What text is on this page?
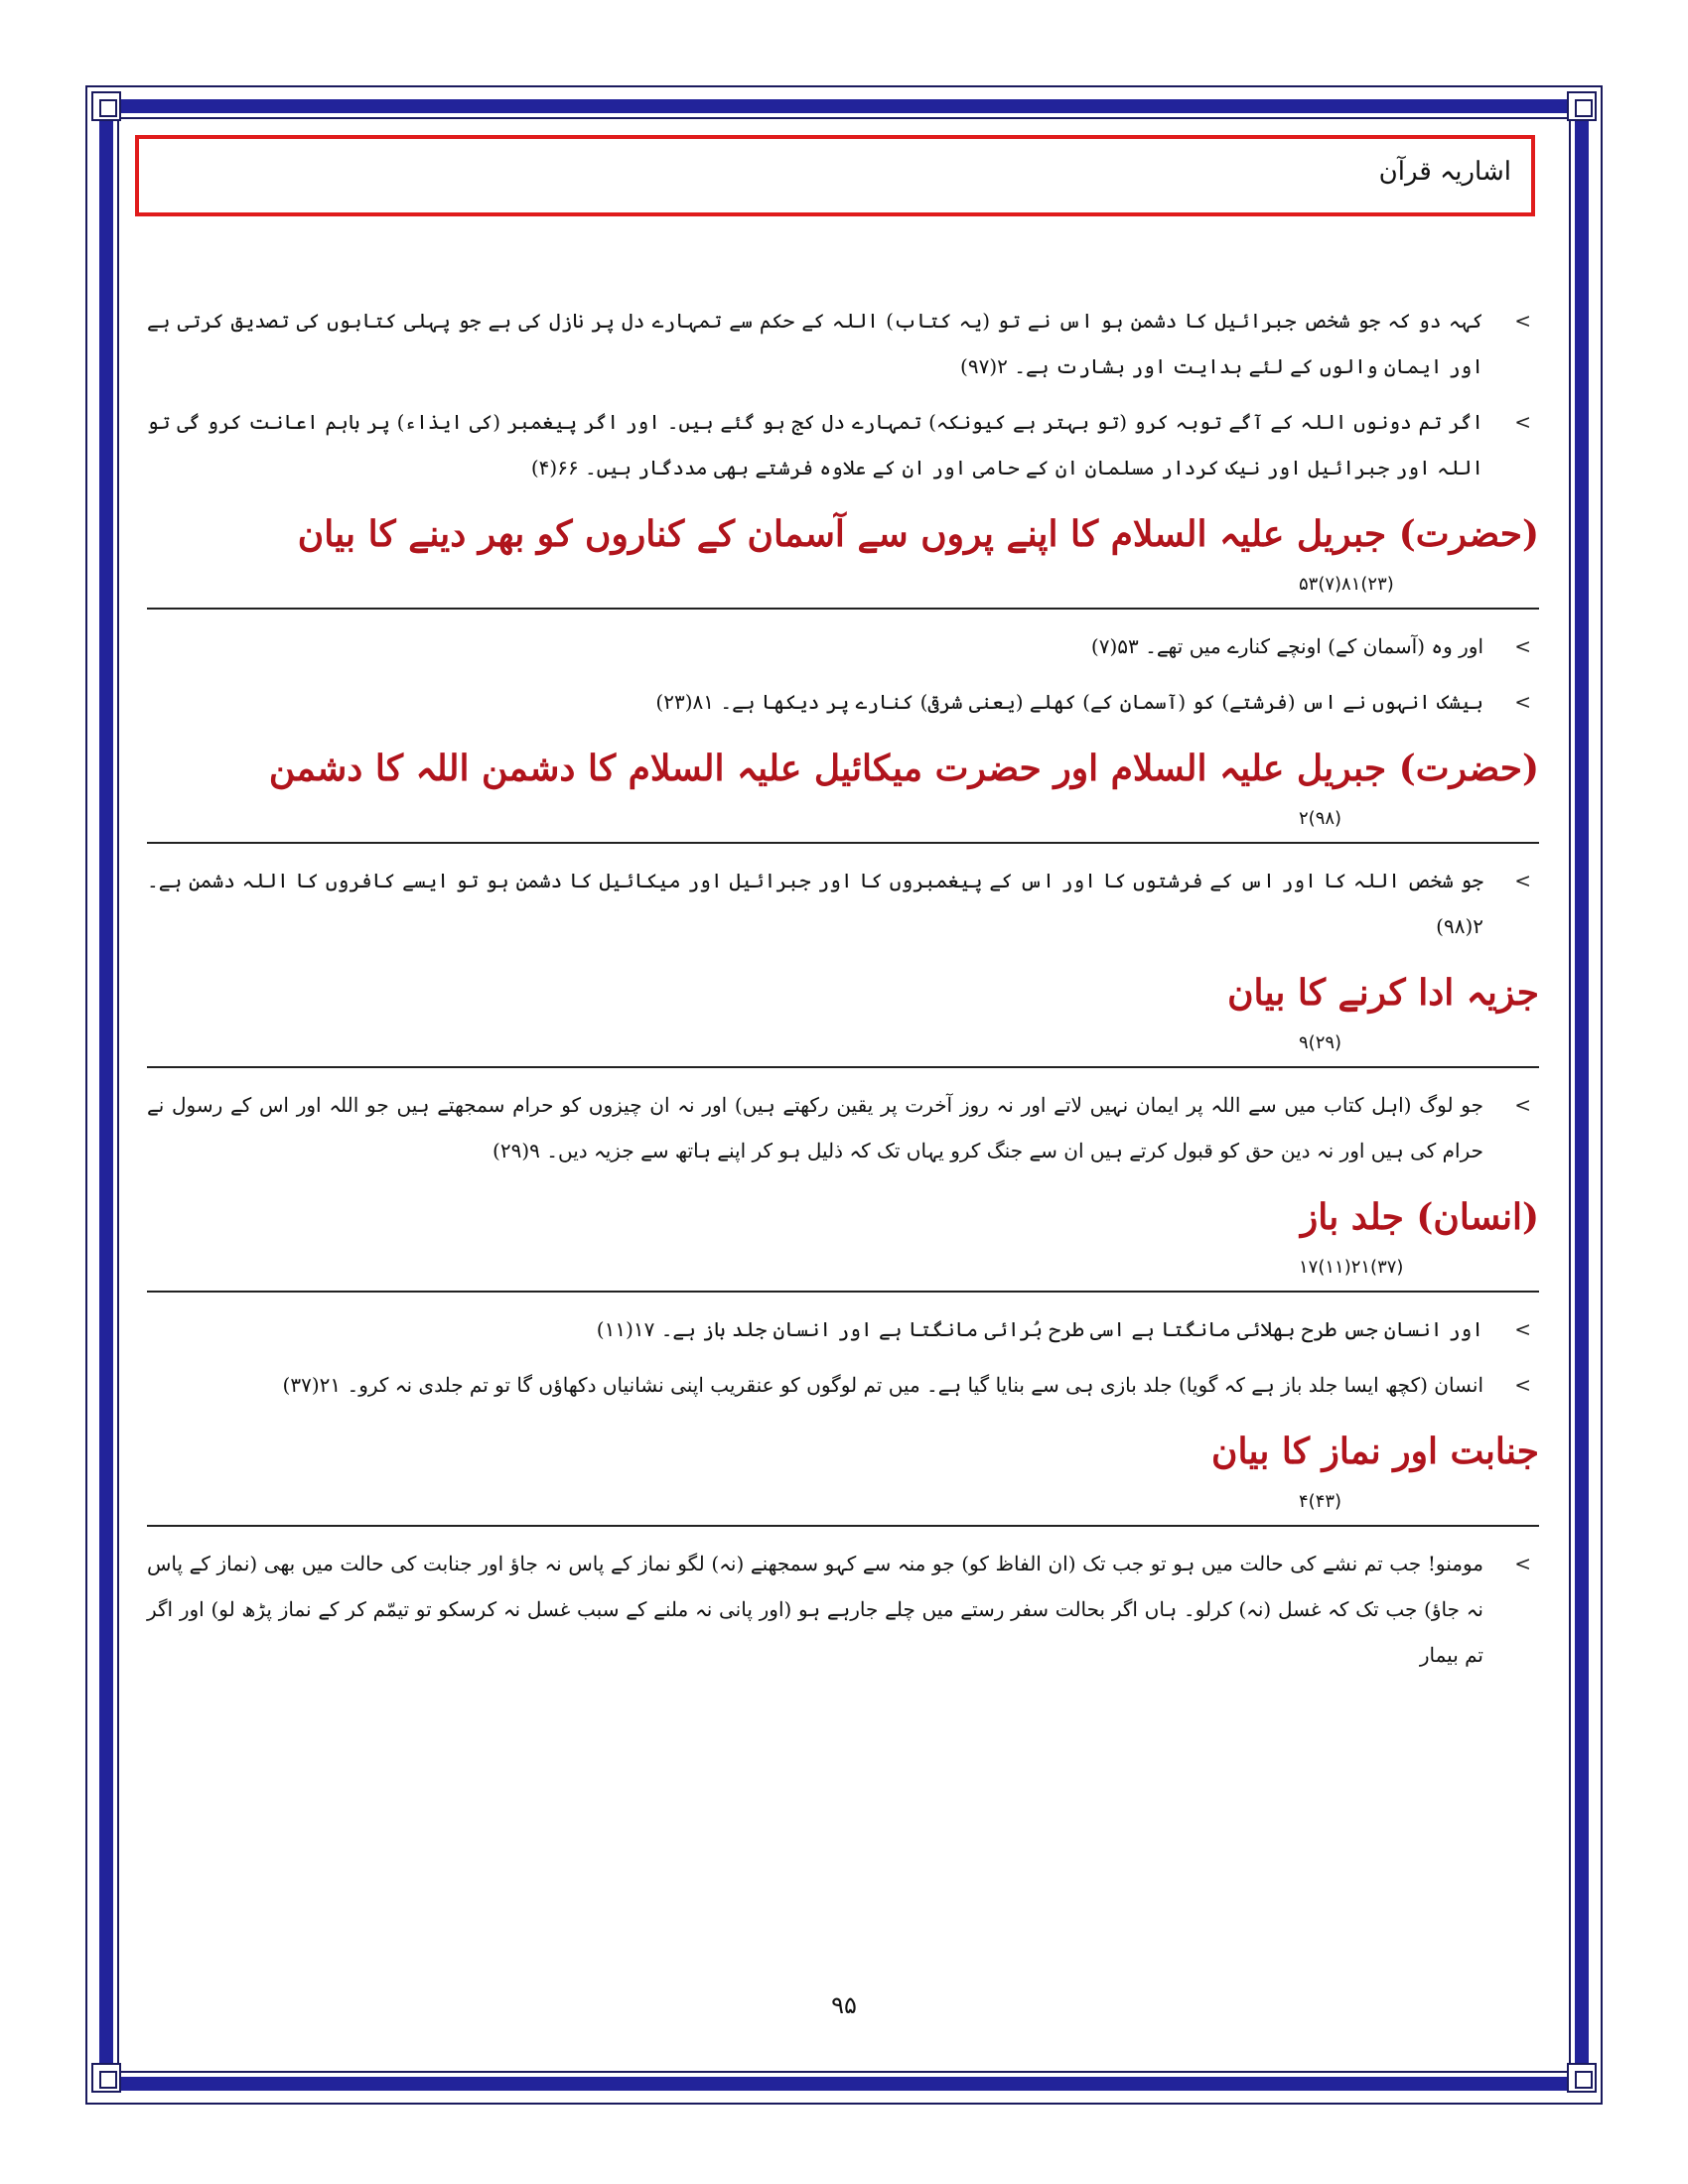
اشاریہ قرآن
>
کہہ دو کہ جو شخص جبرائیل کا دشمن ہو اس نے تو (یہ کتاب) اللہ کے حکم سے تمہارے دل پر نازل کی ہے جو پہلی کتابوں کی تصدیق کرتی ہے اور ایمان والوں کے لئے ہدایت اور بشارت ہے۔ ۲(۹۷)
>
اگر تم دونوں اللہ کے آگے توبہ کرو (تو بہتر ہے کیونکہ) تمہارے دل کج ہو گئے ہیں۔ اور اگر پیغمبر (کی ایذاء) پر باہم اعانت کرو گی تو اللہ اور جبرائیل اور نیک کردار مسلمان ان کے حامی اور ان کے علاوہ فرشتے بھی مددگار ہیں۔ ۶۶(۴)
(حضرت) جبریل علیہ السلام کا اپنے پروں سے آسمان کے کناروں کو بھر دینے کا بیان
۵۳(۷)۸۱(۲۳)
>
اور وہ (آسمان کے) اونچے کنارے میں تھے۔ ۵۳(۷)
>
بیشک انہوں نے اس (فرشتے) کو (آسمان کے) کھلے (یعنی شرقی) کنارے پر دیکھا ہے۔ ۸۱(۲۳)
(حضرت) جبریل علیہ السلام اور حضرت میکائیل علیہ السلام کا دشمن اللہ کا دشمن
۲(۹۸)
>
جو شخص اللہ کا اور اس کے فرشتوں کا اور اس کے پیغمبروں کا اور جبرائیل اور میکائیل کا دشمن ہو تو ایسے کافروں کا اللہ دشمن ہے۔ ۲(۹۸)
جزیہ ادا کرنے کا بیان
۹(۲۹)
>
جو لوگ (اہل کتاب میں سے اللہ پر ایمان نہیں لاتے اور نہ روز آخرت پر یقین رکھتے ہیں) اور نہ ان چیزوں کو حرام سمجھتے ہیں جو اللہ اور اس کے رسول نے حرام کی ہیں اور نہ دین حق کو قبول کرتے ہیں ان سے جنگ کرو یہاں تک کہ ذلیل ہو کر اپنے ہاتھ سے جزیہ دیں۔ ۹(۲۹)
(انسان) جلد باز
۱۷(۱۱)۲۱(۳۷)
>
اور انسان جس طرح بھلائی مانگتا ہے اسی طرح بُرائی مانگتا ہے اور انسان جلد باز ہے۔ ۱۷(۱۱)
>
انسان (کچھ ایسا جلد باز ہے کہ گویا) جلد بازی ہی سے بنایا گیا ہے۔ میں تم لوگوں کو عنقریب اپنی نشانیاں دکھاؤں گا تو تم جلدی نہ کرو۔ ۲۱(۳۷)
جنابت اور نماز کا بیان
۴(۴۳)
>
مومنو! جب تم نشے کی حالت میں ہو تو جب تک (ان الفاظ کو) جو منہ سے کہو سمجھنے (نہ) لگو نماز کے پاس نہ جاؤ اور جنابت کی حالت میں بھی (نماز کے پاس نہ جاؤ) جب تک کہ غسل (نہ) کرلو۔ ہاں اگر بحالت سفر رستے میں چلے جارہے ہو (اور پانی نہ ملنے کے سبب غسل نہ کرسکو تو تیمّم کر کے نماز پڑھ لو) اور اگر تم بیمار
۹۵
